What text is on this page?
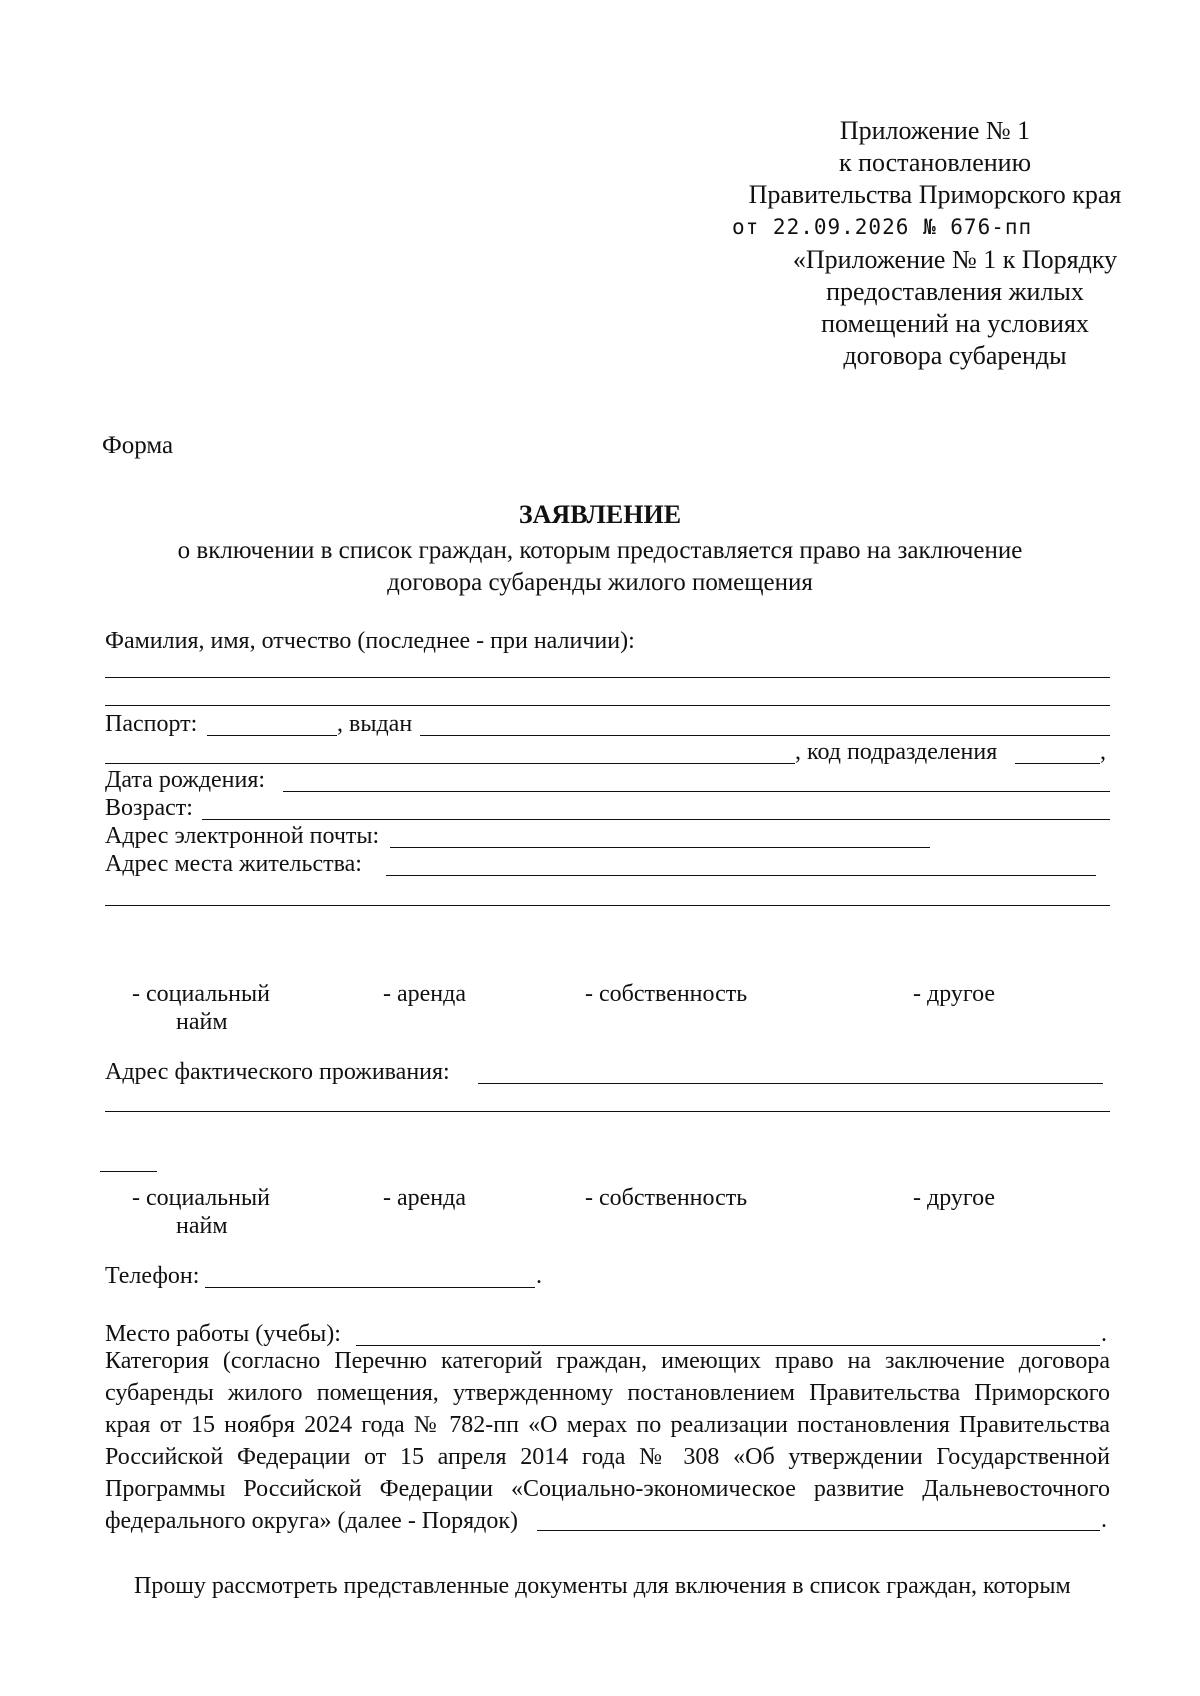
Приложение № 1
к постановлению
Правительства Приморского края
от 22.09.2026 № 676-пп
«Приложение № 1 к Порядку предоставления жилых помещений на условиях договора субаренды
Форма
ЗАЯВЛЕНИЕ
о включении в список граждан, которым предоставляется право на заключение
договора субаренды жилого помещения
Фамилия, имя, отчество (последнее - при наличии):
Паспорт:	, выдан
, код подразделения	,
Дата рождения:
Возраст:
Адрес электронной почты:
Адрес места жительства:
- социальный
найм
- аренда	- собственность	- другое
Адрес фактического проживания:
- социальный
найм
- аренда	- собственность	- другое
Телефон:	.
Место работы (учебы):	.
Категория (согласно Перечню категорий граждан, имеющих право на заключение договора
субаренды жилого помещения, утвержденному постановлением Правительства Приморского
края от 15 ноября 2024 года № 782-пп «О мерах по реализации постановления Правительства
Российской Федерации от 15 апреля 2014 года № 308 «Об утверждении Государственной
Программы Российской Федерации «Социально-экономическое развитие Дальневосточного
федерального округа» (далее - Порядок)	.
Прошу рассмотреть представленные документы для включения в список граждан, которым
